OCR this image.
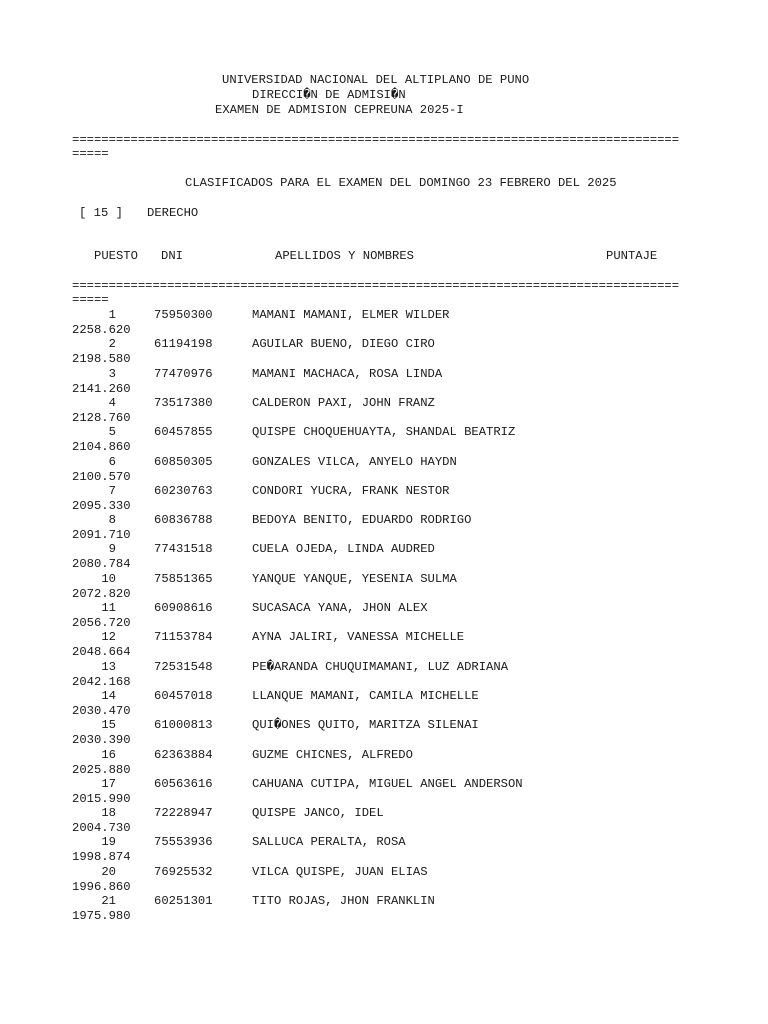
UNIVERSIDAD NACIONAL DEL ALTIPLANO DE PUNO
DIRECCI�N DE ADMISI�N
EXAMEN DE ADMISION CEPREUNA 2025-I
===================================================================================
=====
CLASIFICADOS PARA EL EXAMEN DEL DOMINGO 23 FEBRERO DEL 2025
[ 15 ] DERECHO
PUESTO DNI	APELLIDOS Y NOMBRES	PUNTAJE
===================================================================================
=====
1	75950300	MAMANI MAMANI, ELMER WILDER
2258.620
2	61194198	AGUILAR BUENO, DIEGO CIRO
2198.580
3	77470976	MAMANI MACHACA, ROSA LINDA
2141.260
4	73517380	CALDERON PAXI, JOHN FRANZ
2128.760
5	60457855	QUISPE CHOQUEHUAYTA, SHANDAL BEATRIZ
2104.860
6	60850305	GONZALES VILCA, ANYELO HAYDN
2100.570
7	60230763	CONDORI YUCRA, FRANK NESTOR
2095.330
8	60836788	BEDOYA BENITO, EDUARDO RODRIGO
2091.710
9	77431518	CUELA OJEDA, LINDA AUDRED
2080.784
10	75851365	YANQUE YANQUE, YESENIA SULMA
2072.820
11	60908616	SUCASACA YANA, JHON ALEX
2056.720
12	71153784	AYNA JALIRI, VANESSA MICHELLE
2048.664
13	72531548	PE�ARANDA CHUQUIMAMANI, LUZ ADRIANA
2042.168
14	60457018	LLANQUE MAMANI, CAMILA MICHELLE
2030.470
15	61000813	QUI�ONES QUITO, MARITZA SILENAI
2030.390
16	62363884	GUZME CHICNES, ALFREDO
2025.880
17	60563616	CAHUANA CUTIPA, MIGUEL ANGEL ANDERSON
2015.990
18	72228947	QUISPE JANCO, IDEL
2004.730
19	75553936	SALLUCA PERALTA, ROSA
1998.874
20	76925532	VILCA QUISPE, JUAN ELIAS
1996.860
21	60251301	TITO ROJAS, JHON FRANKLIN
1975.980
